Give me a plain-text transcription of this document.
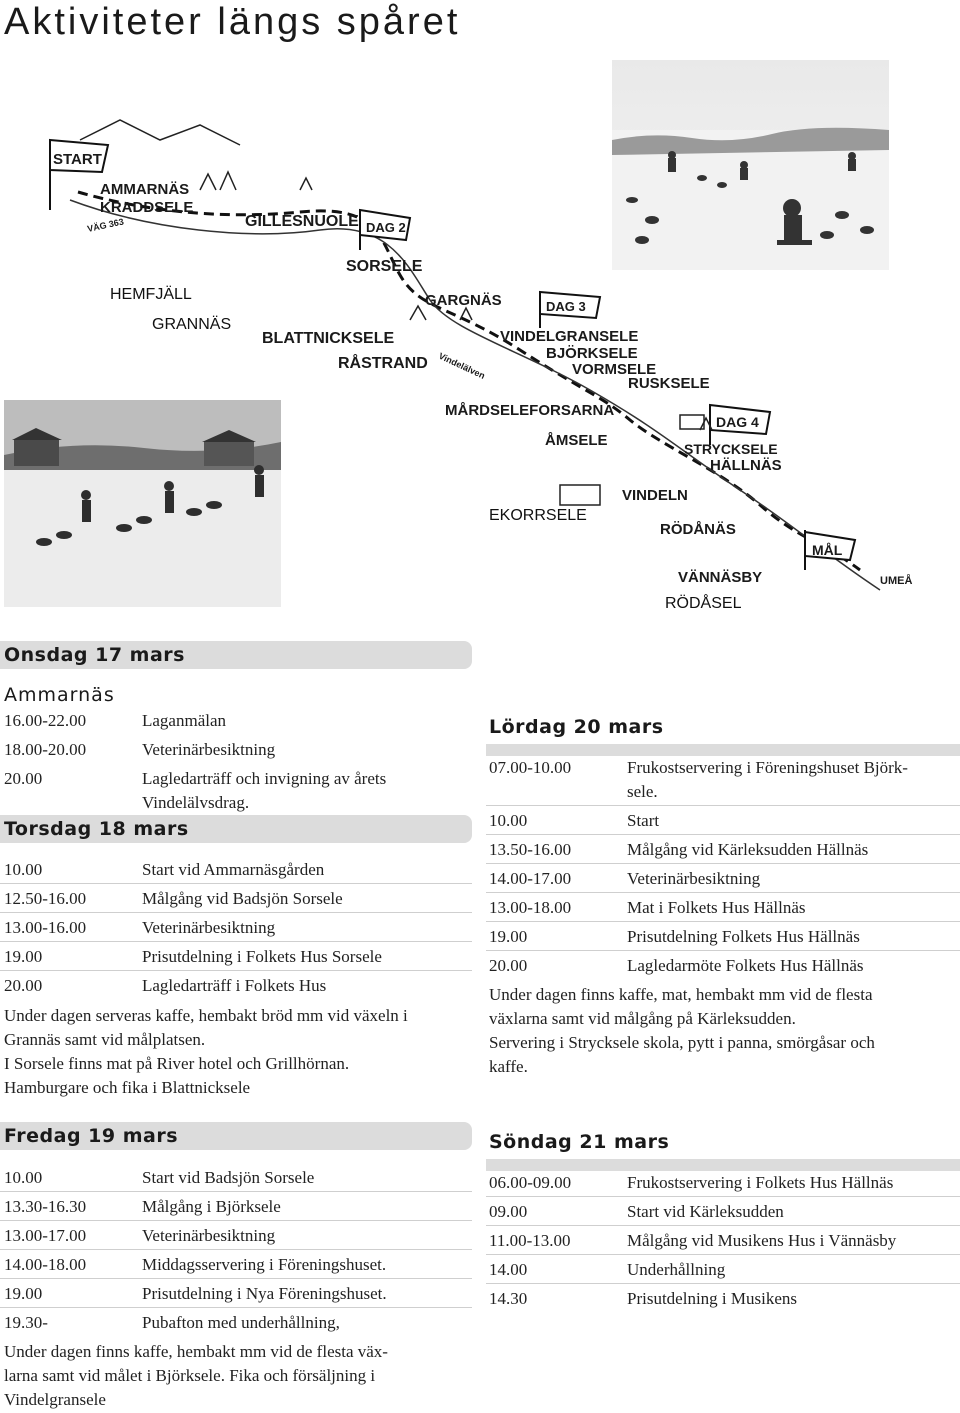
Aktiviteter längs spåret
START
DAG 2
DAG 3
DAG 4
MÅL
AMMARNÄS
KRADDSELE
VÄG 363	GILLESNUOLE
SORSELE
HEMFJÄLL
GRANNÄS
BLATTNICKSELE
RÅSTRAND
GARGNÄS
Vindelälven
VINDELGRANSELE
BJÖRKSELE
VORMSELE
RUSKSELE
MÅRDSELEFORSARNA
ÅMSELE	STRYCKSELE
HÄLLNÄS
VINDELN
RÖDÅNÄS
VÄNNÄSBY	UMEÅ
EKORRSELE
RÖDÅSEL
Onsdag 17 mars
Ammarnäs
16.00-22.00	Laganmälan
18.00-20.00	Veterinärbesiktning
20.00	Lagledarträff och invigning av årets
Vindelälvsdrag.
Torsdag 18 mars
10.00	Start vid Ammarnäsgården
12.50-16.00	Målgång vid Badsjön Sorsele
13.00-16.00	Veterinärbesiktning
19.00	Prisutdelning i Folkets Hus Sorsele
20.00	Lagledarträff i Folkets Hus
Under dagen serveras kaffe, hembakt bröd mm vid växeln i
Grannäs samt vid målplatsen.
I Sorsele finns mat på River hotel och Grillhörnan.
Hamburgare och fika i Blattnicksele
Fredag 19 mars
10.00	Start vid Badsjön Sorsele
13.30-16.30	Målgång i Björksele
13.00-17.00	Veterinärbesiktning
14.00-18.00	Middagsservering i Föreningshuset.
19.00	Prisutdelning i Nya Föreningshuset.
19.30-	Pubafton med underhållning,
Under dagen finns kaffe, hembakt mm vid de flesta väx-
larna samt vid målet i Björksele. Fika och försäljning i
Vindelgransele
Lördag 20 mars
07.00-10.00	Frukostservering i Föreningshuset Björk-
sele.
10.00	Start
13.50-16.00	Målgång vid Kärleksudden Hällnäs
14.00-17.00	Veterinärbesiktning
13.00-18.00	Mat i Folkets Hus Hällnäs
19.00	Prisutdelning Folkets Hus Hällnäs
20.00	Lagledarmöte Folkets Hus Hällnäs
Under dagen finns kaffe, mat, hembakt mm vid de flesta
växlarna samt vid målgång på Kärleksudden.
Servering i Strycksele skola, pytt i panna, smörgåsar och
kaffe.
Söndag 21 mars
06.00-09.00	Frukostservering i Folkets Hus Hällnäs
09.00	Start vid Kärleksudden
11.00-13.00	Målgång vid Musikens Hus i Vännäsby
14.00	Underhållning
14.30	Prisutdelning i Musikens
